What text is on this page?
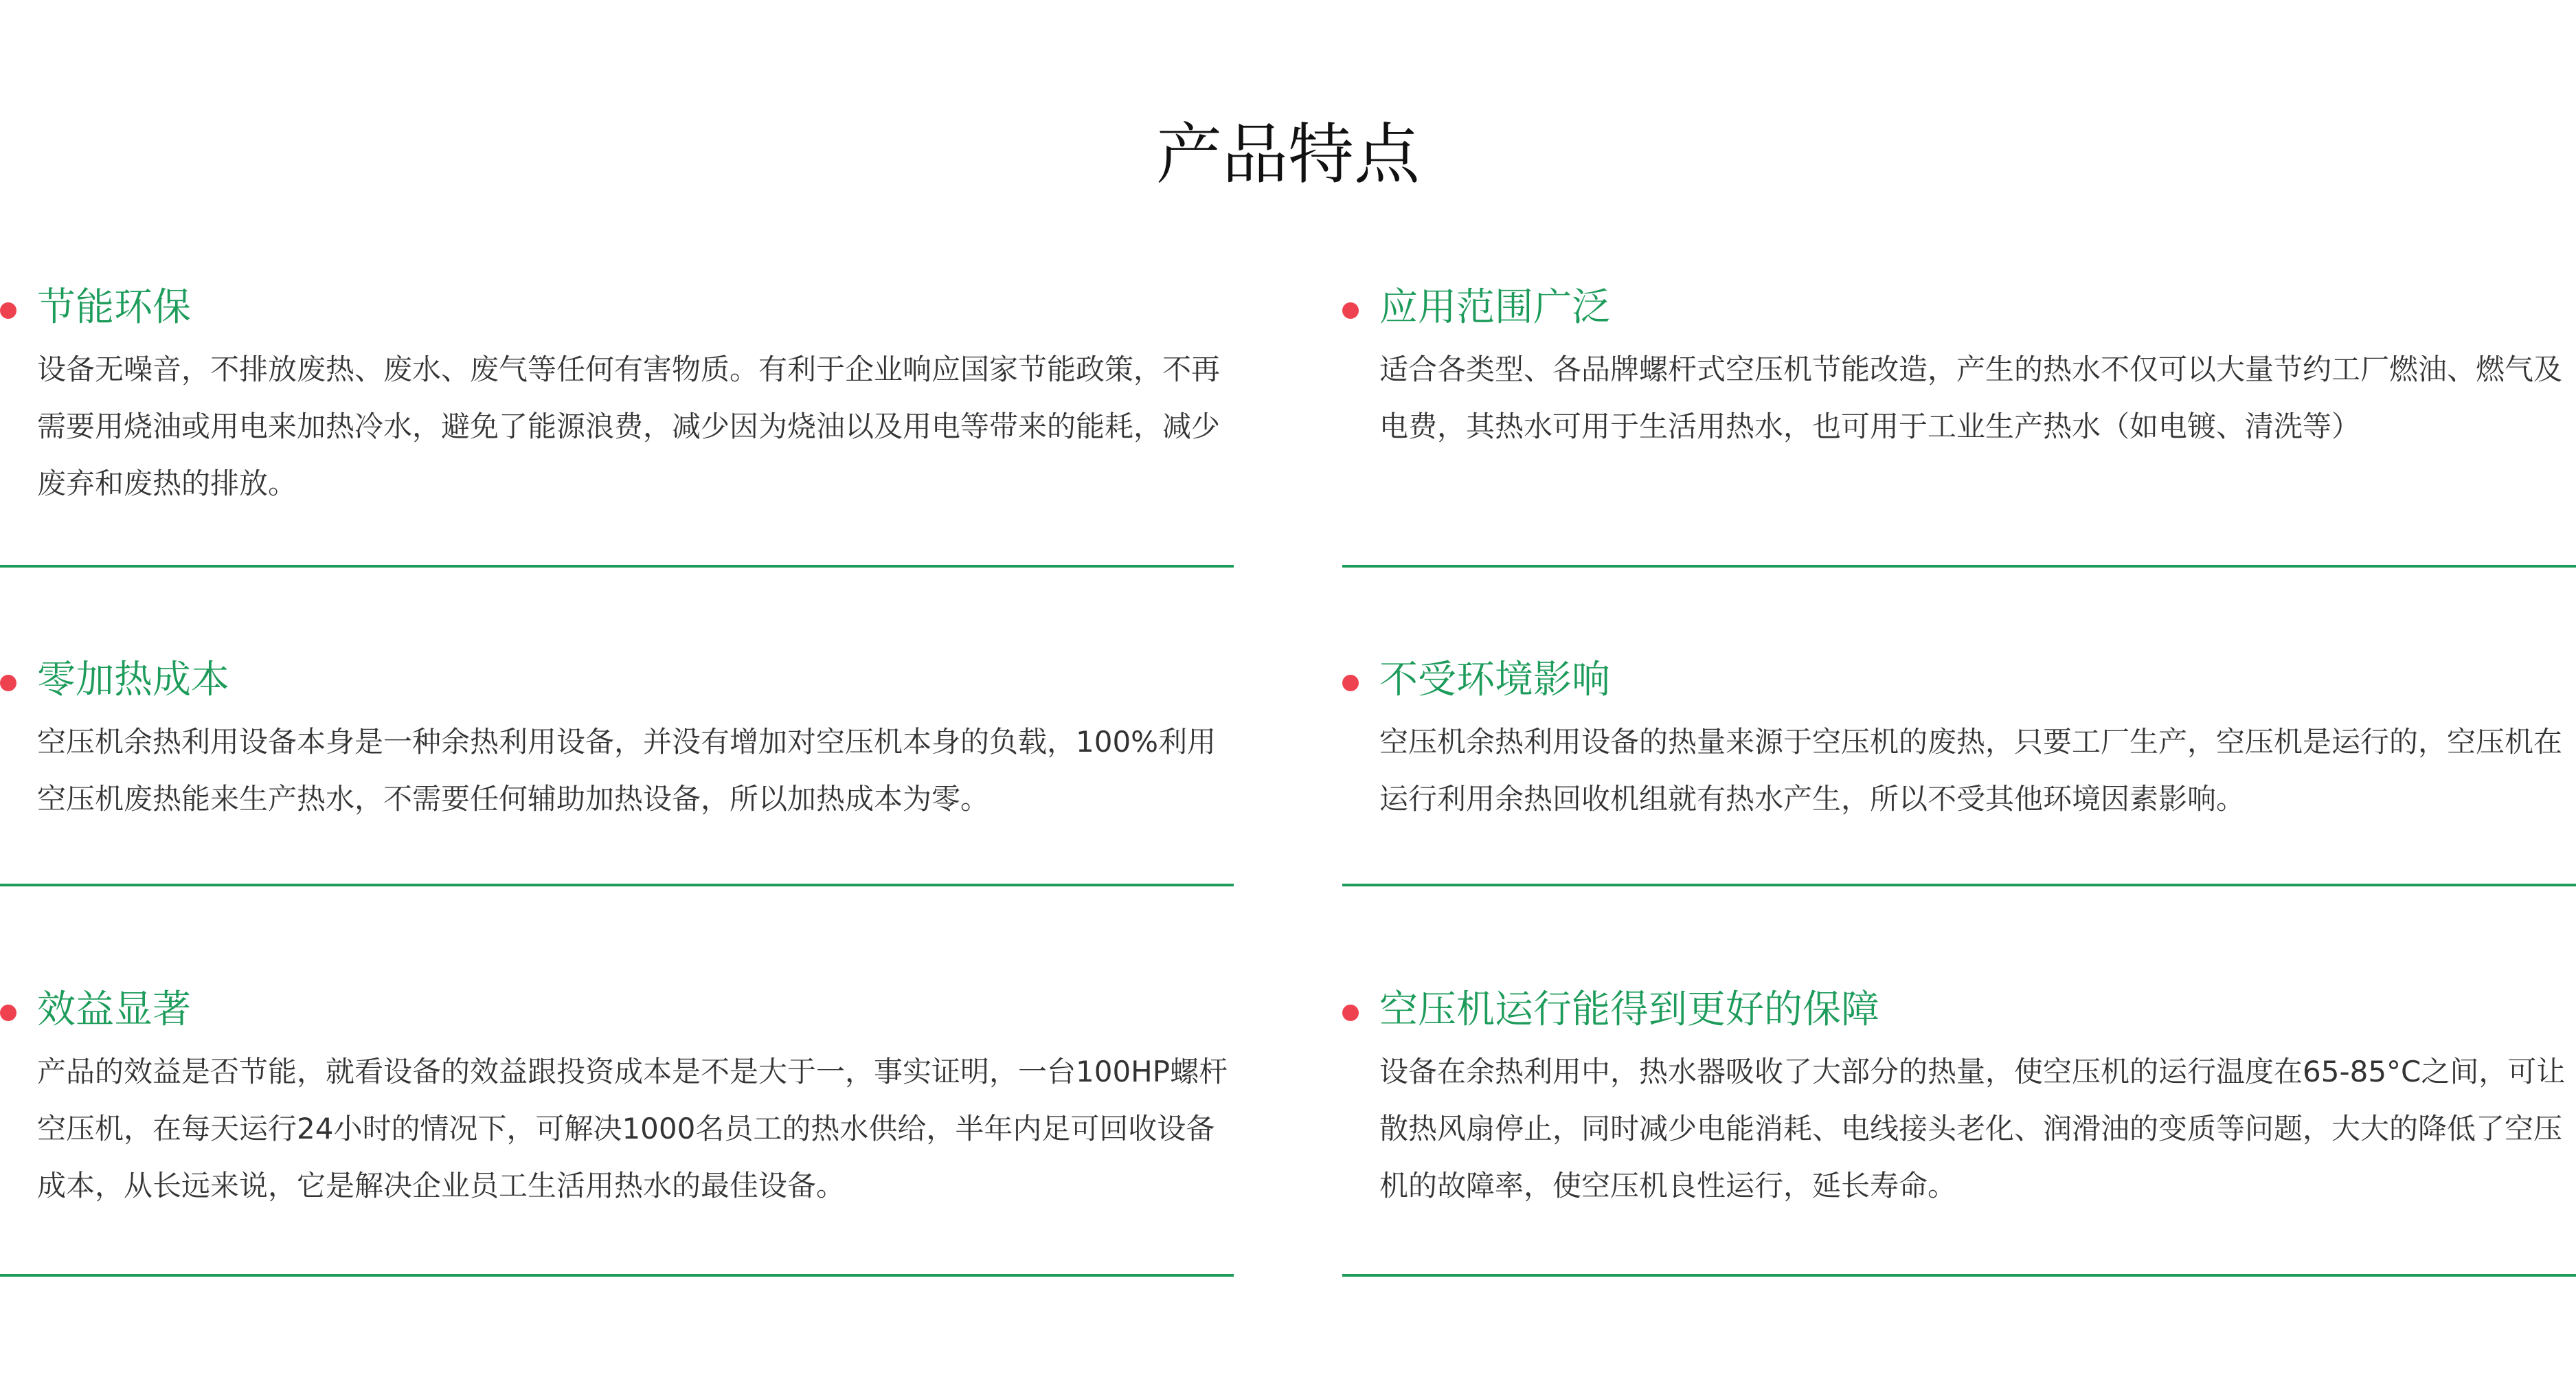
产品特点
节能环保

设备无噪音，不排放废热、废水、废气等任何有害物质。有利于企业响应国家节能政策，不再需要用烧油或用电来加热冷水，避免了能源浪费，减少因为烧油以及用电等带来的能耗，减少废弃和废热的排放。

应用范围广泛

适合各类型、各品牌螺杆式空压机节能改造，产生的热水不仅可以大量节约工厂燃油、燃气及电费，其热水可用于生活用热水，也可用于工业生产热水（如电镀、清洗等）

零加热成本

空压机余热利用设备本身是一种余热利用设备，并没有增加对空压机本身的负载，100%利用空压机废热能来生产热水，不需要任何辅助加热设备，所以加热成本为零。

不受环境影响

空压机余热利用设备的热量来源于空压机的废热，只要工厂生产，空压机是运行的，空压机在运行利用余热回收机组就有热水产生，所以不受其他环境因素影响。

效益显著

产品的效益是否节能，就看设备的效益跟投资成本是不是大于一，事实证明，一台100HP螺杆空压机，在每天运行24小时的情况下，可解决1000名员工的热水供给，半年内足可回收设备成本，从长远来说，它是解决企业员工生活用热水的最佳设备。

空压机运行能得到更好的保障

设备在余热利用中，热水器吸收了大部分的热量，使空压机的运行温度在65-85°C之间，可让散热风扇停止，同时减少电能消耗、电线接头老化、润滑油的变质等问题，大大的降低了空压机的故障率，使空压机良性运行，延长寿命。
